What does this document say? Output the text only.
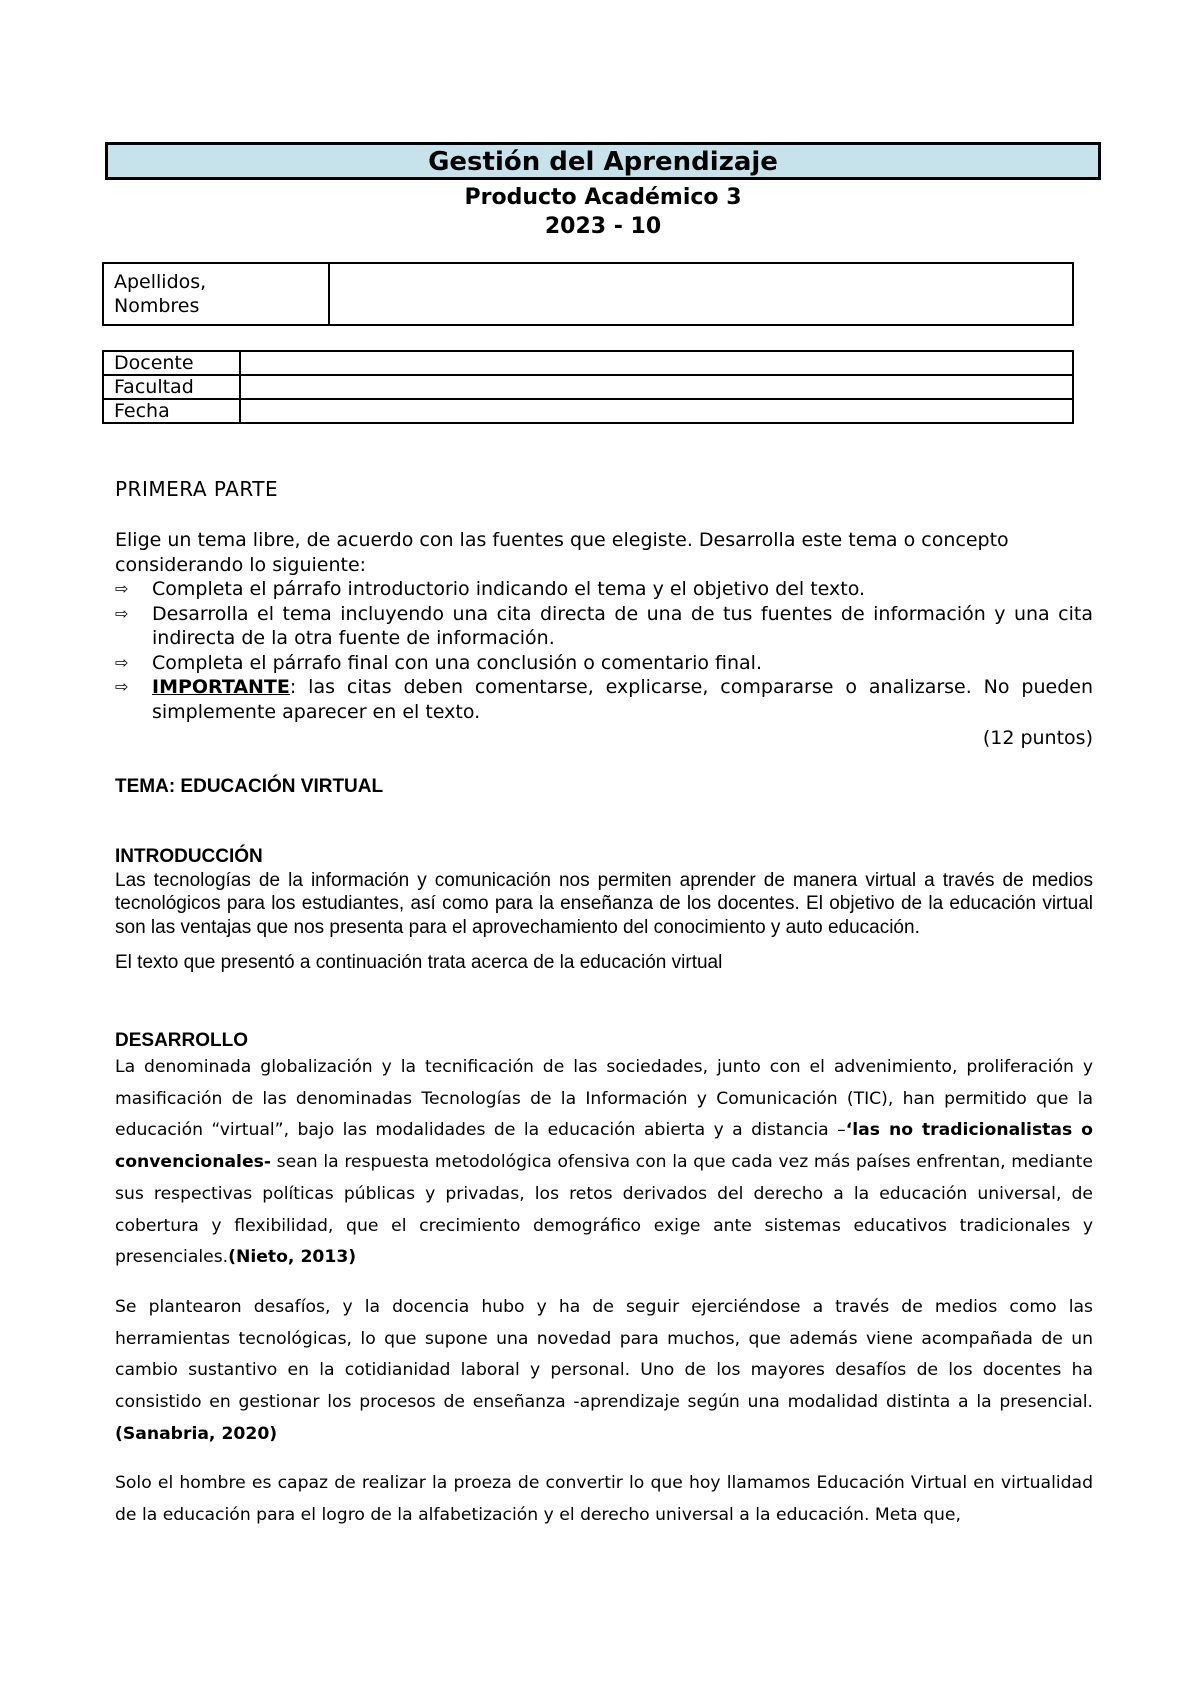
Gestión del Aprendizaje
Producto Académico 3
2023 - 10
Apellidos,
Nombres	
Docente	
Facultad	
Fecha	
PRIMERA PARTE

Elige un tema libre, de acuerdo con las fuentes que elegiste. Desarrolla este tema o concepto considerando lo siguiente:

⇨ Completa el párrafo introductorio indicando el tema y el objetivo del texto.
⇨ Desarrolla el tema incluyendo una cita directa de una de tus fuentes de información y una cita indirecta de la otra fuente de información.
⇨ Completa el párrafo final con una conclusión o comentario final.
⇨ IMPORTANTE: las citas deben comentarse, explicarse, compararse o analizarse. No pueden simplemente aparecer en el texto.

(12 puntos)

TEMA: EDUCACIÓN VIRTUAL

INTRODUCCIÓN

Las tecnologías de la información y comunicación nos permiten aprender de manera virtual a través de medios tecnológicos para los estudiantes, así como para la enseñanza de los docentes. El objetivo de la educación virtual son las ventajas que nos presenta para el aprovechamiento del conocimiento y auto educación.

El texto que presentó a continuación trata acerca de la educación virtual

DESARROLLO

La denominada globalización y la tecnificación de las sociedades, junto con el advenimiento, proliferación y masificación de las denominadas Tecnologías de la Información y Comunicación (TIC), han permitido que la educación “virtual”, bajo las modalidades de la educación abierta y a distancia –‘las no tradicionalistas o convencionales- sean la respuesta metodológica ofensiva con la que cada vez más países enfrentan, mediante sus respectivas políticas públicas y privadas, los retos derivados del derecho a la educación universal, de cobertura y flexibilidad, que el crecimiento demográfico exige ante sistemas educativos tradicionales y presenciales.(Nieto, 2013)

Se plantearon desafíos, y la docencia hubo y ha de seguir ejerciéndose a través de medios como las herramientas tecnológicas, lo que supone una novedad para muchos, que además viene acompañada de un cambio sustantivo en la cotidianidad laboral y personal. Uno de los mayores desafíos de los docentes ha consistido en gestionar los procesos de enseñanza -aprendizaje según una modalidad distinta a la presencial.(Sanabria, 2020)

Solo el hombre es capaz de realizar la proeza de convertir lo que hoy llamamos Educación Virtual en virtualidad de la educación para el logro de la alfabetización y el derecho universal a la educación. Meta que,
